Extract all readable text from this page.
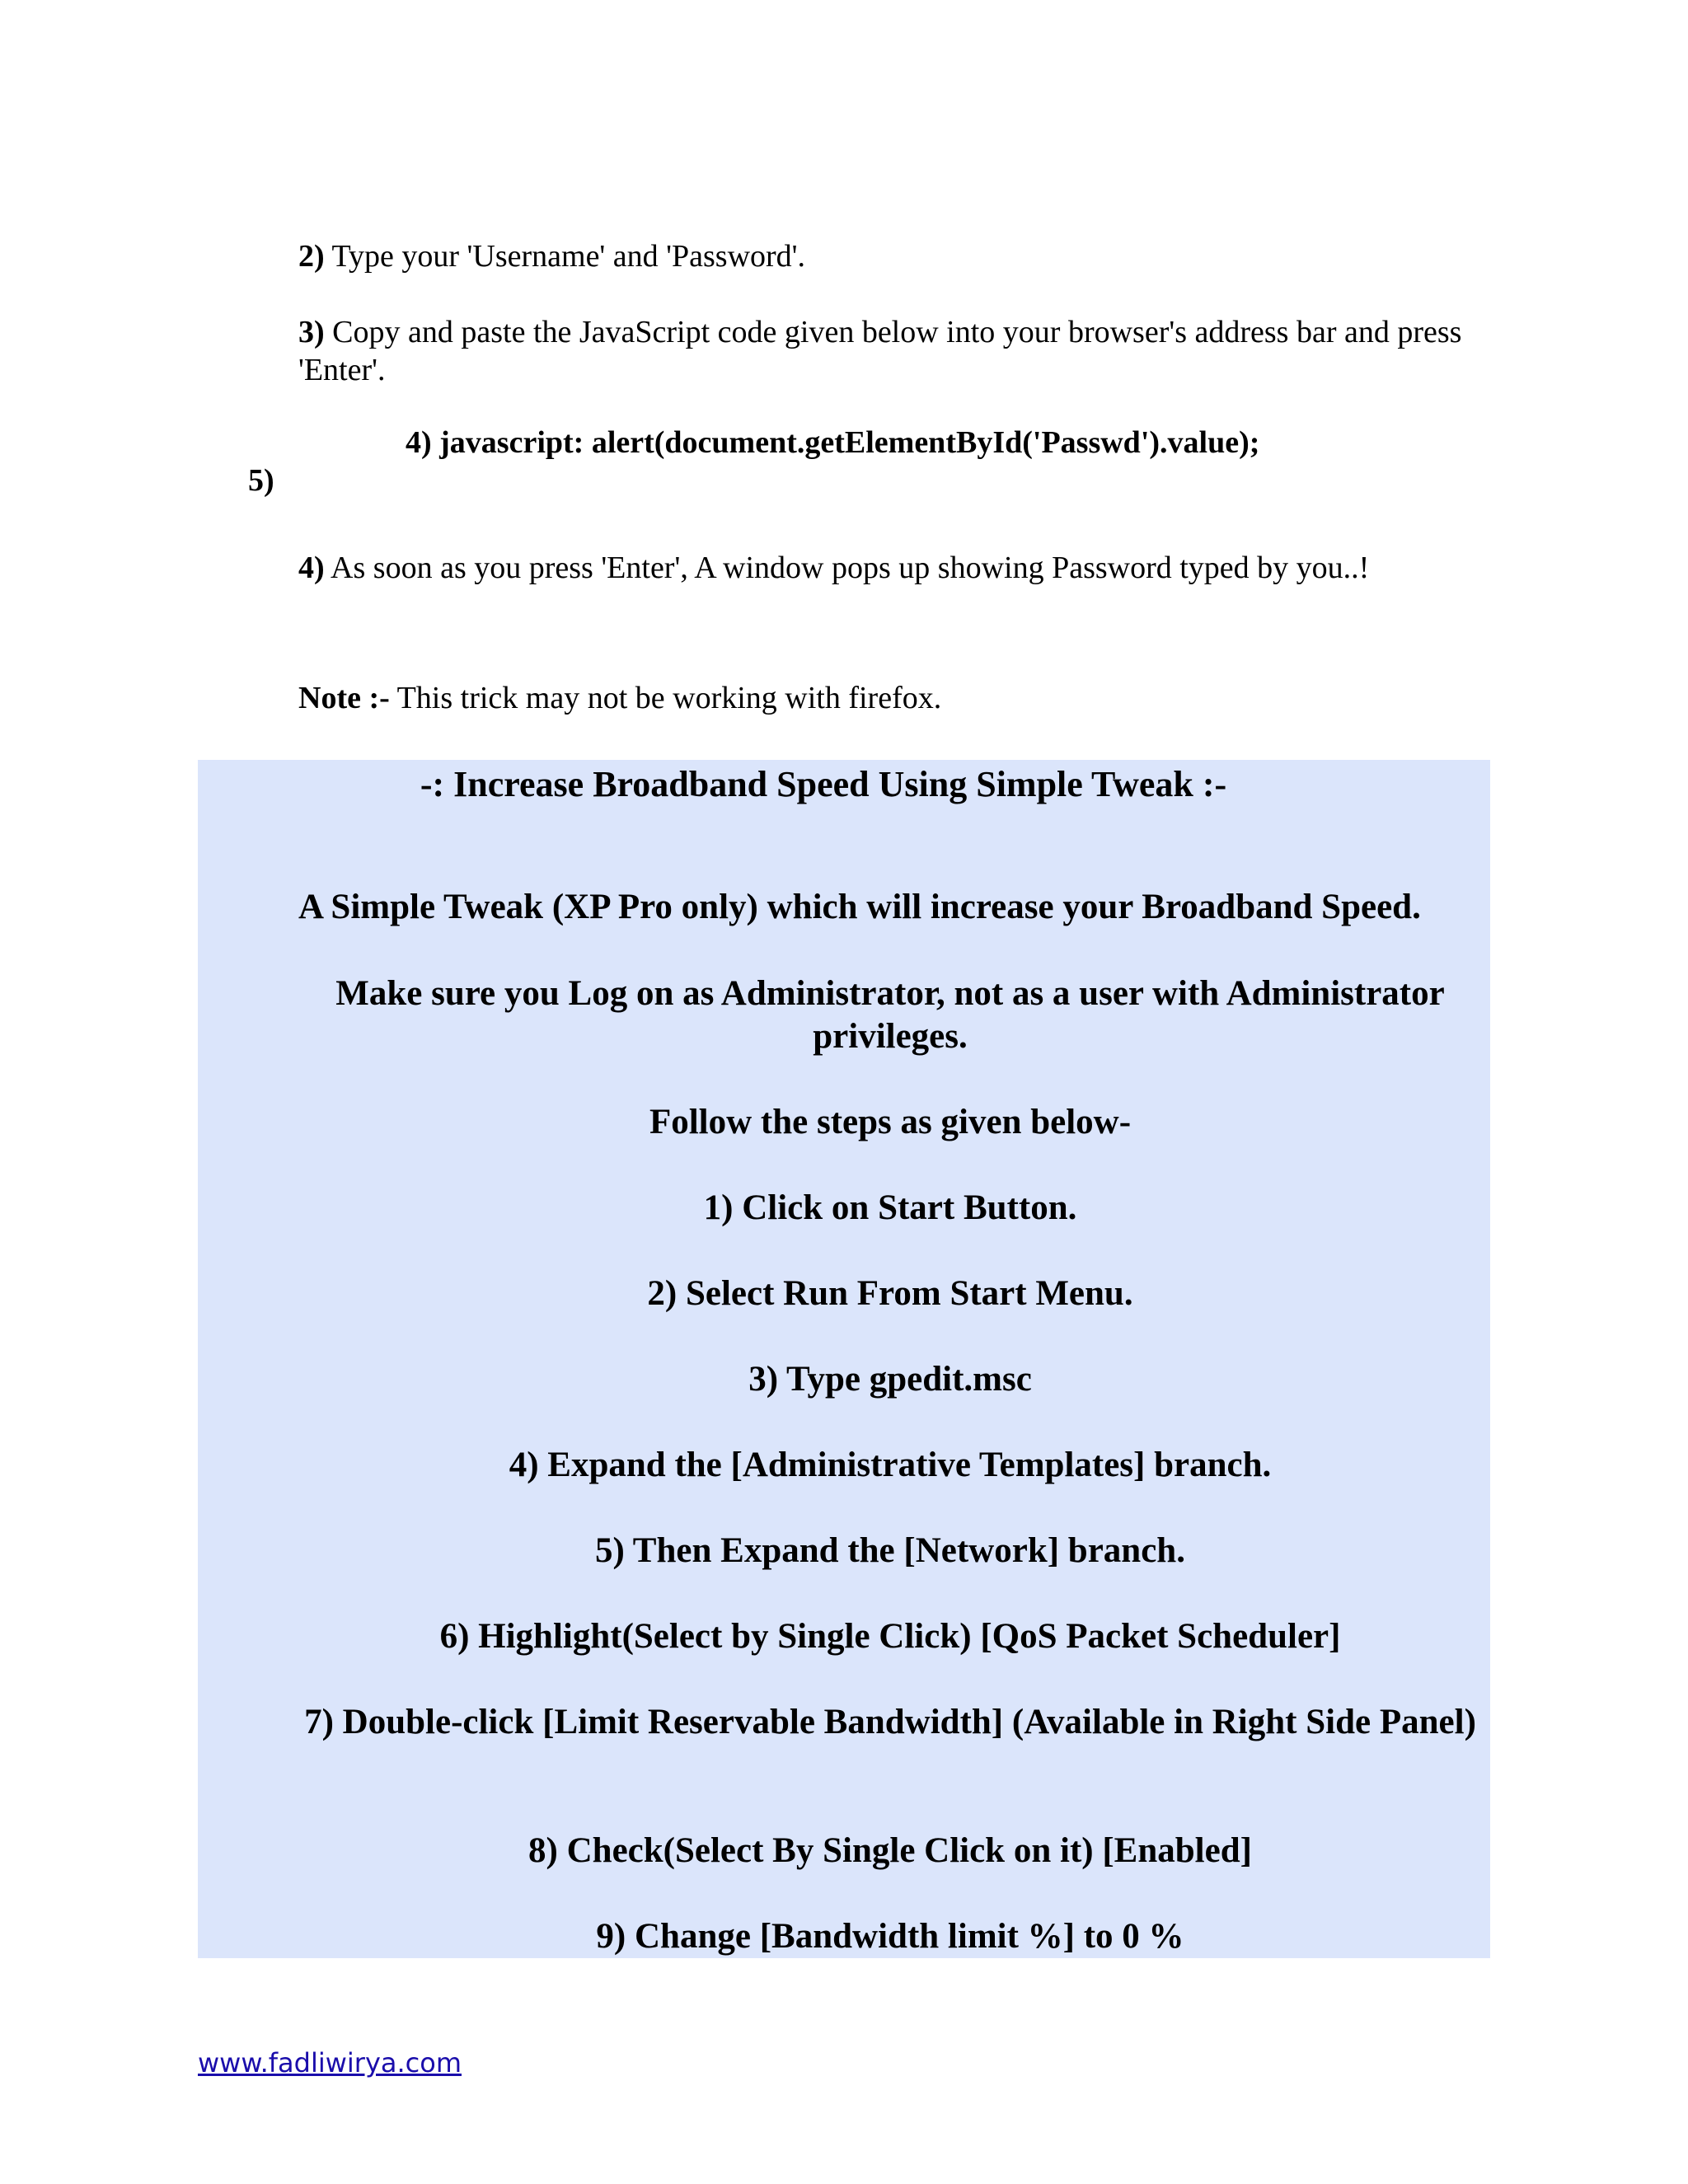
2) Type your 'Username' and 'Password'.
3) Copy and paste the JavaScript code given below into your browser's address bar and press 'Enter'.
4) javascript: alert(document.getElementById('Passwd').value);
5)
4) As soon as you press 'Enter', A window pops up showing Password typed by you..!
Note :- This trick may not be working with firefox.
-: Increase Broadband Speed Using Simple Tweak :-
A Simple Tweak (XP Pro only) which will increase your Broadband Speed.
Make sure you Log on as Administrator, not as a user with Administrator privileges.
Follow the steps as given below-
1) Click on Start Button.
2) Select Run From Start Menu.
3) Type gpedit.msc
4) Expand the [Administrative Templates] branch.
5) Then Expand the [Network] branch.
6) Highlight(Select by Single Click) [QoS Packet Scheduler]
7) Double-click [Limit Reservable Bandwidth] (Available in Right Side Panel)
8) Check(Select By Single Click on it) [Enabled]
9) Change [Bandwidth limit %] to 0 %
www.fadliwirya.com
